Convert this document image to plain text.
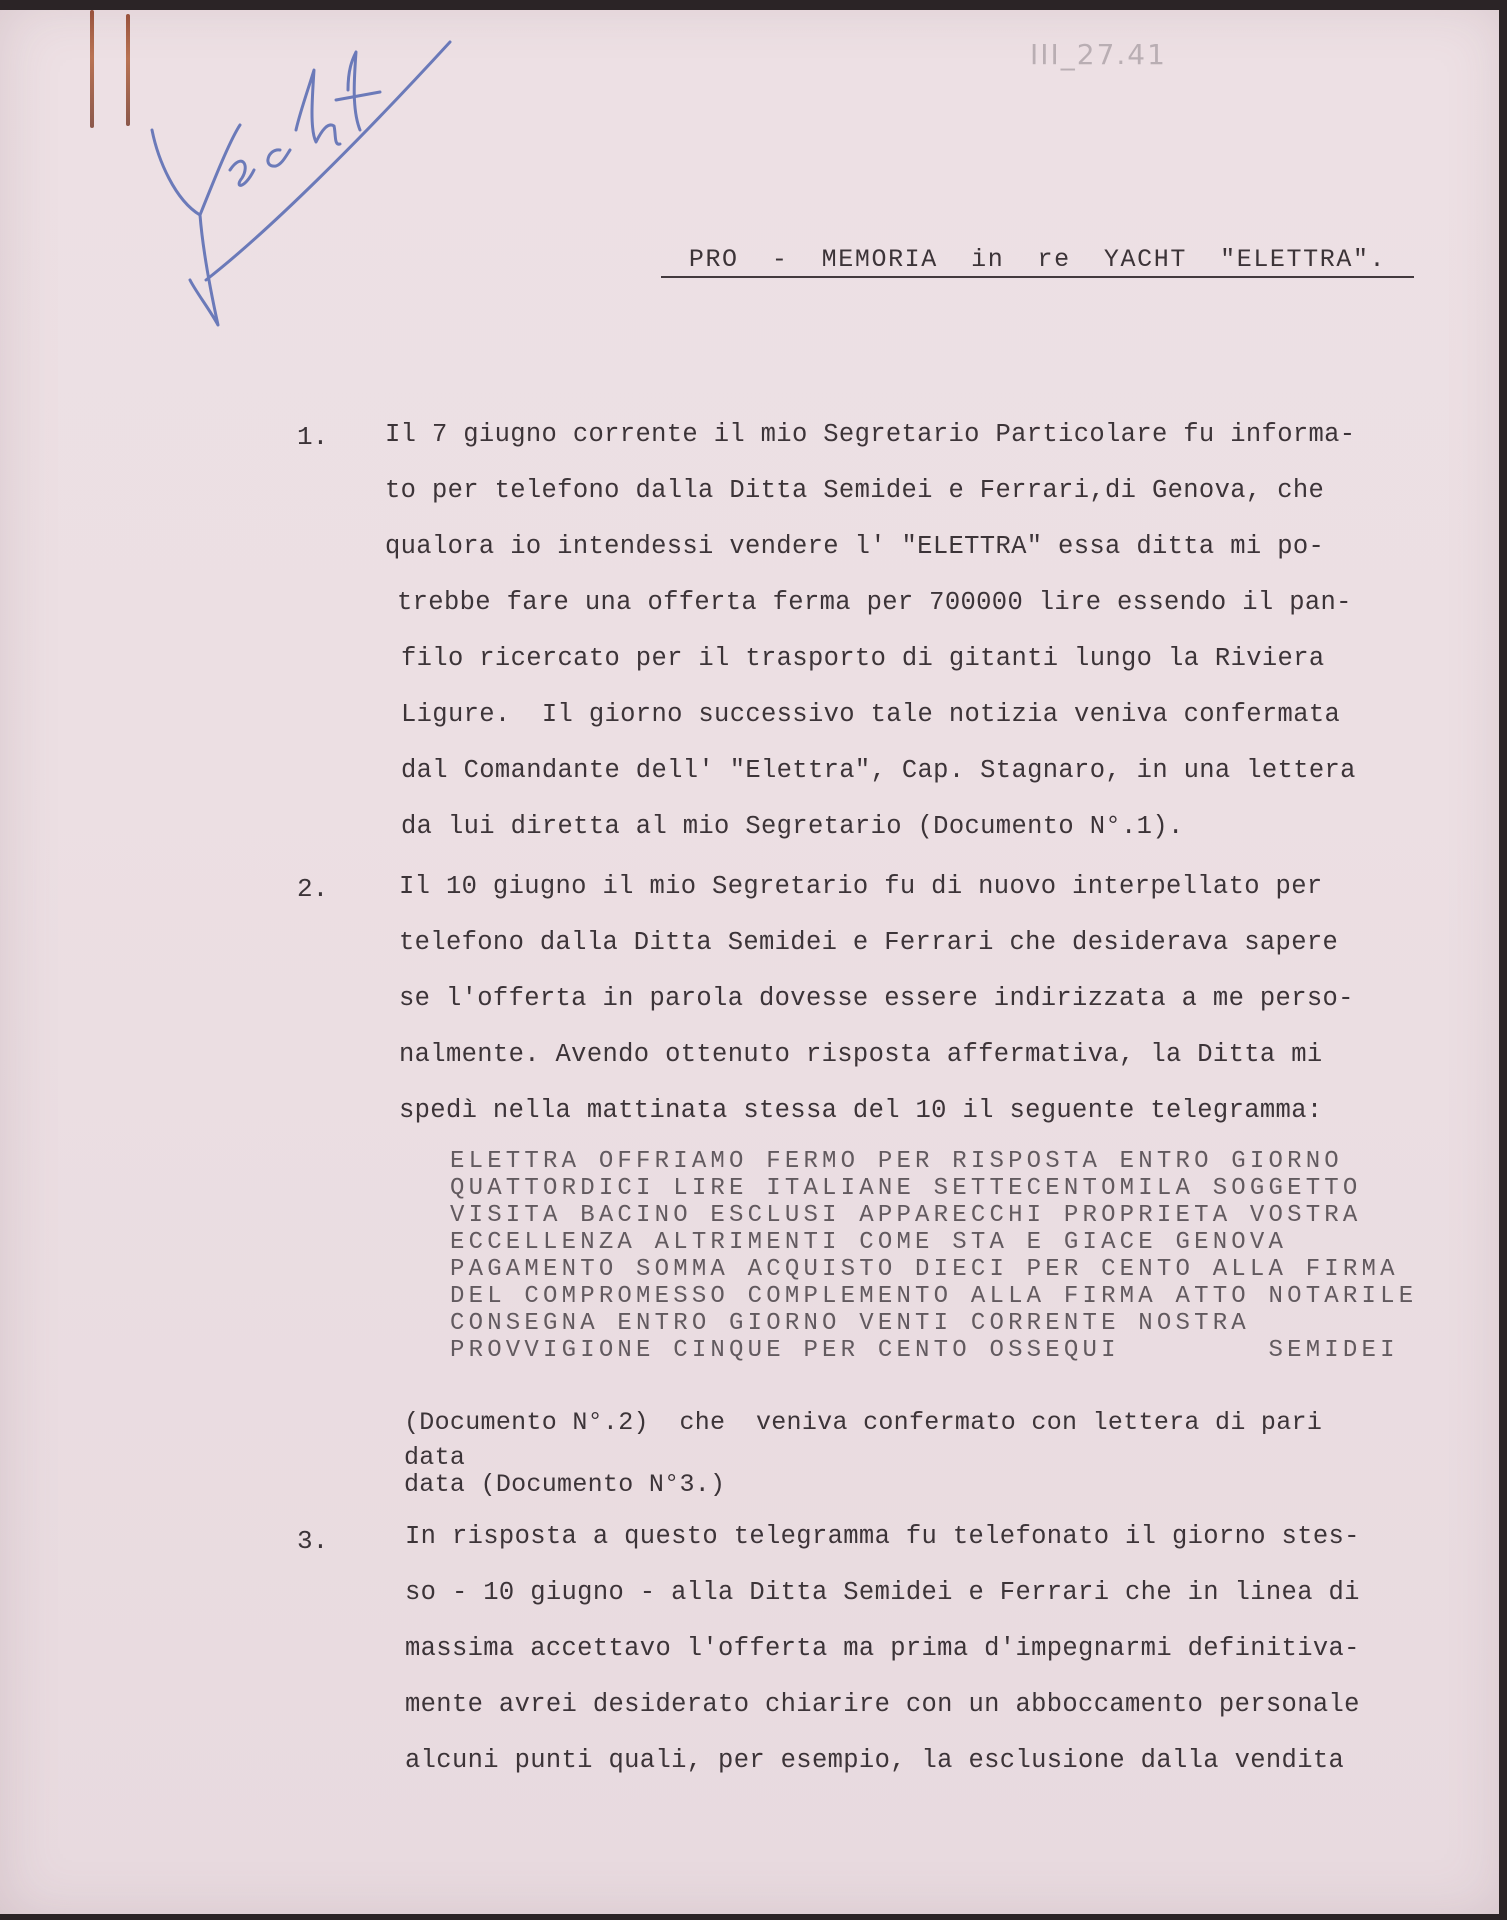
III_27.41
PRO  -  MEMORIA  in  re  YACHT  "ELETTRA".
1. Il 7 giugno corrente il mio Segretario Particolare fu informa-
to per telefono dalla Ditta Semidei e Ferrari,di Genova, che
qualora io intendessi vendere l' "ELETTRA" essa ditta mi po-
trebbe fare una offerta ferma per 700000 lire essendo il pan-
filo ricercato per il trasporto di gitanti lungo la Riviera
Ligure.  Il giorno successivo tale notizia veniva confermata
dal Comandante dell' "Elettra", Cap. Stagnaro, in una lettera
da lui diretta al mio Segretario (Documento N°.1).
2.	Il 10 giugno il mio Segretario fu di nuovo interpellato per
telefono dalla Ditta Semidei e Ferrari che desiderava sapere
se l'offerta in parola dovesse essere indirizzata a me perso-
nalmente. Avendo ottenuto risposta affermativa, la Ditta mi
spedì nella mattinata stessa del 10 il seguente telegramma:
ELETTRA OFFRIAMO FERMO PER RISPOSTA ENTRO GIORNO
QUATTORDICI LIRE ITALIANE SETTECENTOMILA SOGGETTO
VISITA BACINO ESCLUSI APPARECCHI PROPRIETA VOSTRA
ECCELLENZA ALTRIMENTI COME STA E GIACE GENOVA
PAGAMENTO SOMMA ACQUISTO DIECI PER CENTO ALLA FIRMA
DEL COMPROMESSO COMPLEMENTO ALLA FIRMA ATTO NOTARILE
CONSEGNA ENTRO GIORNO VENTI CORRENTE NOSTRA
PROVVIGIONE CINQUE PER CENTO OSSEQUI        SEMIDEI
(Documento N°.2)  che  veniva confermato con lettera di pari
data
data (Documento N°3.)
3.	In risposta a questo telegramma fu telefonato il giorno stes-
so - 10 giugno - alla Ditta Semidei e Ferrari che in linea di
massima accettavo l'offerta ma prima d'impegnarmi definitiva-
mente avrei desiderato chiarire con un abboccamento personale
alcuni punti quali, per esempio, la esclusione dalla vendita
